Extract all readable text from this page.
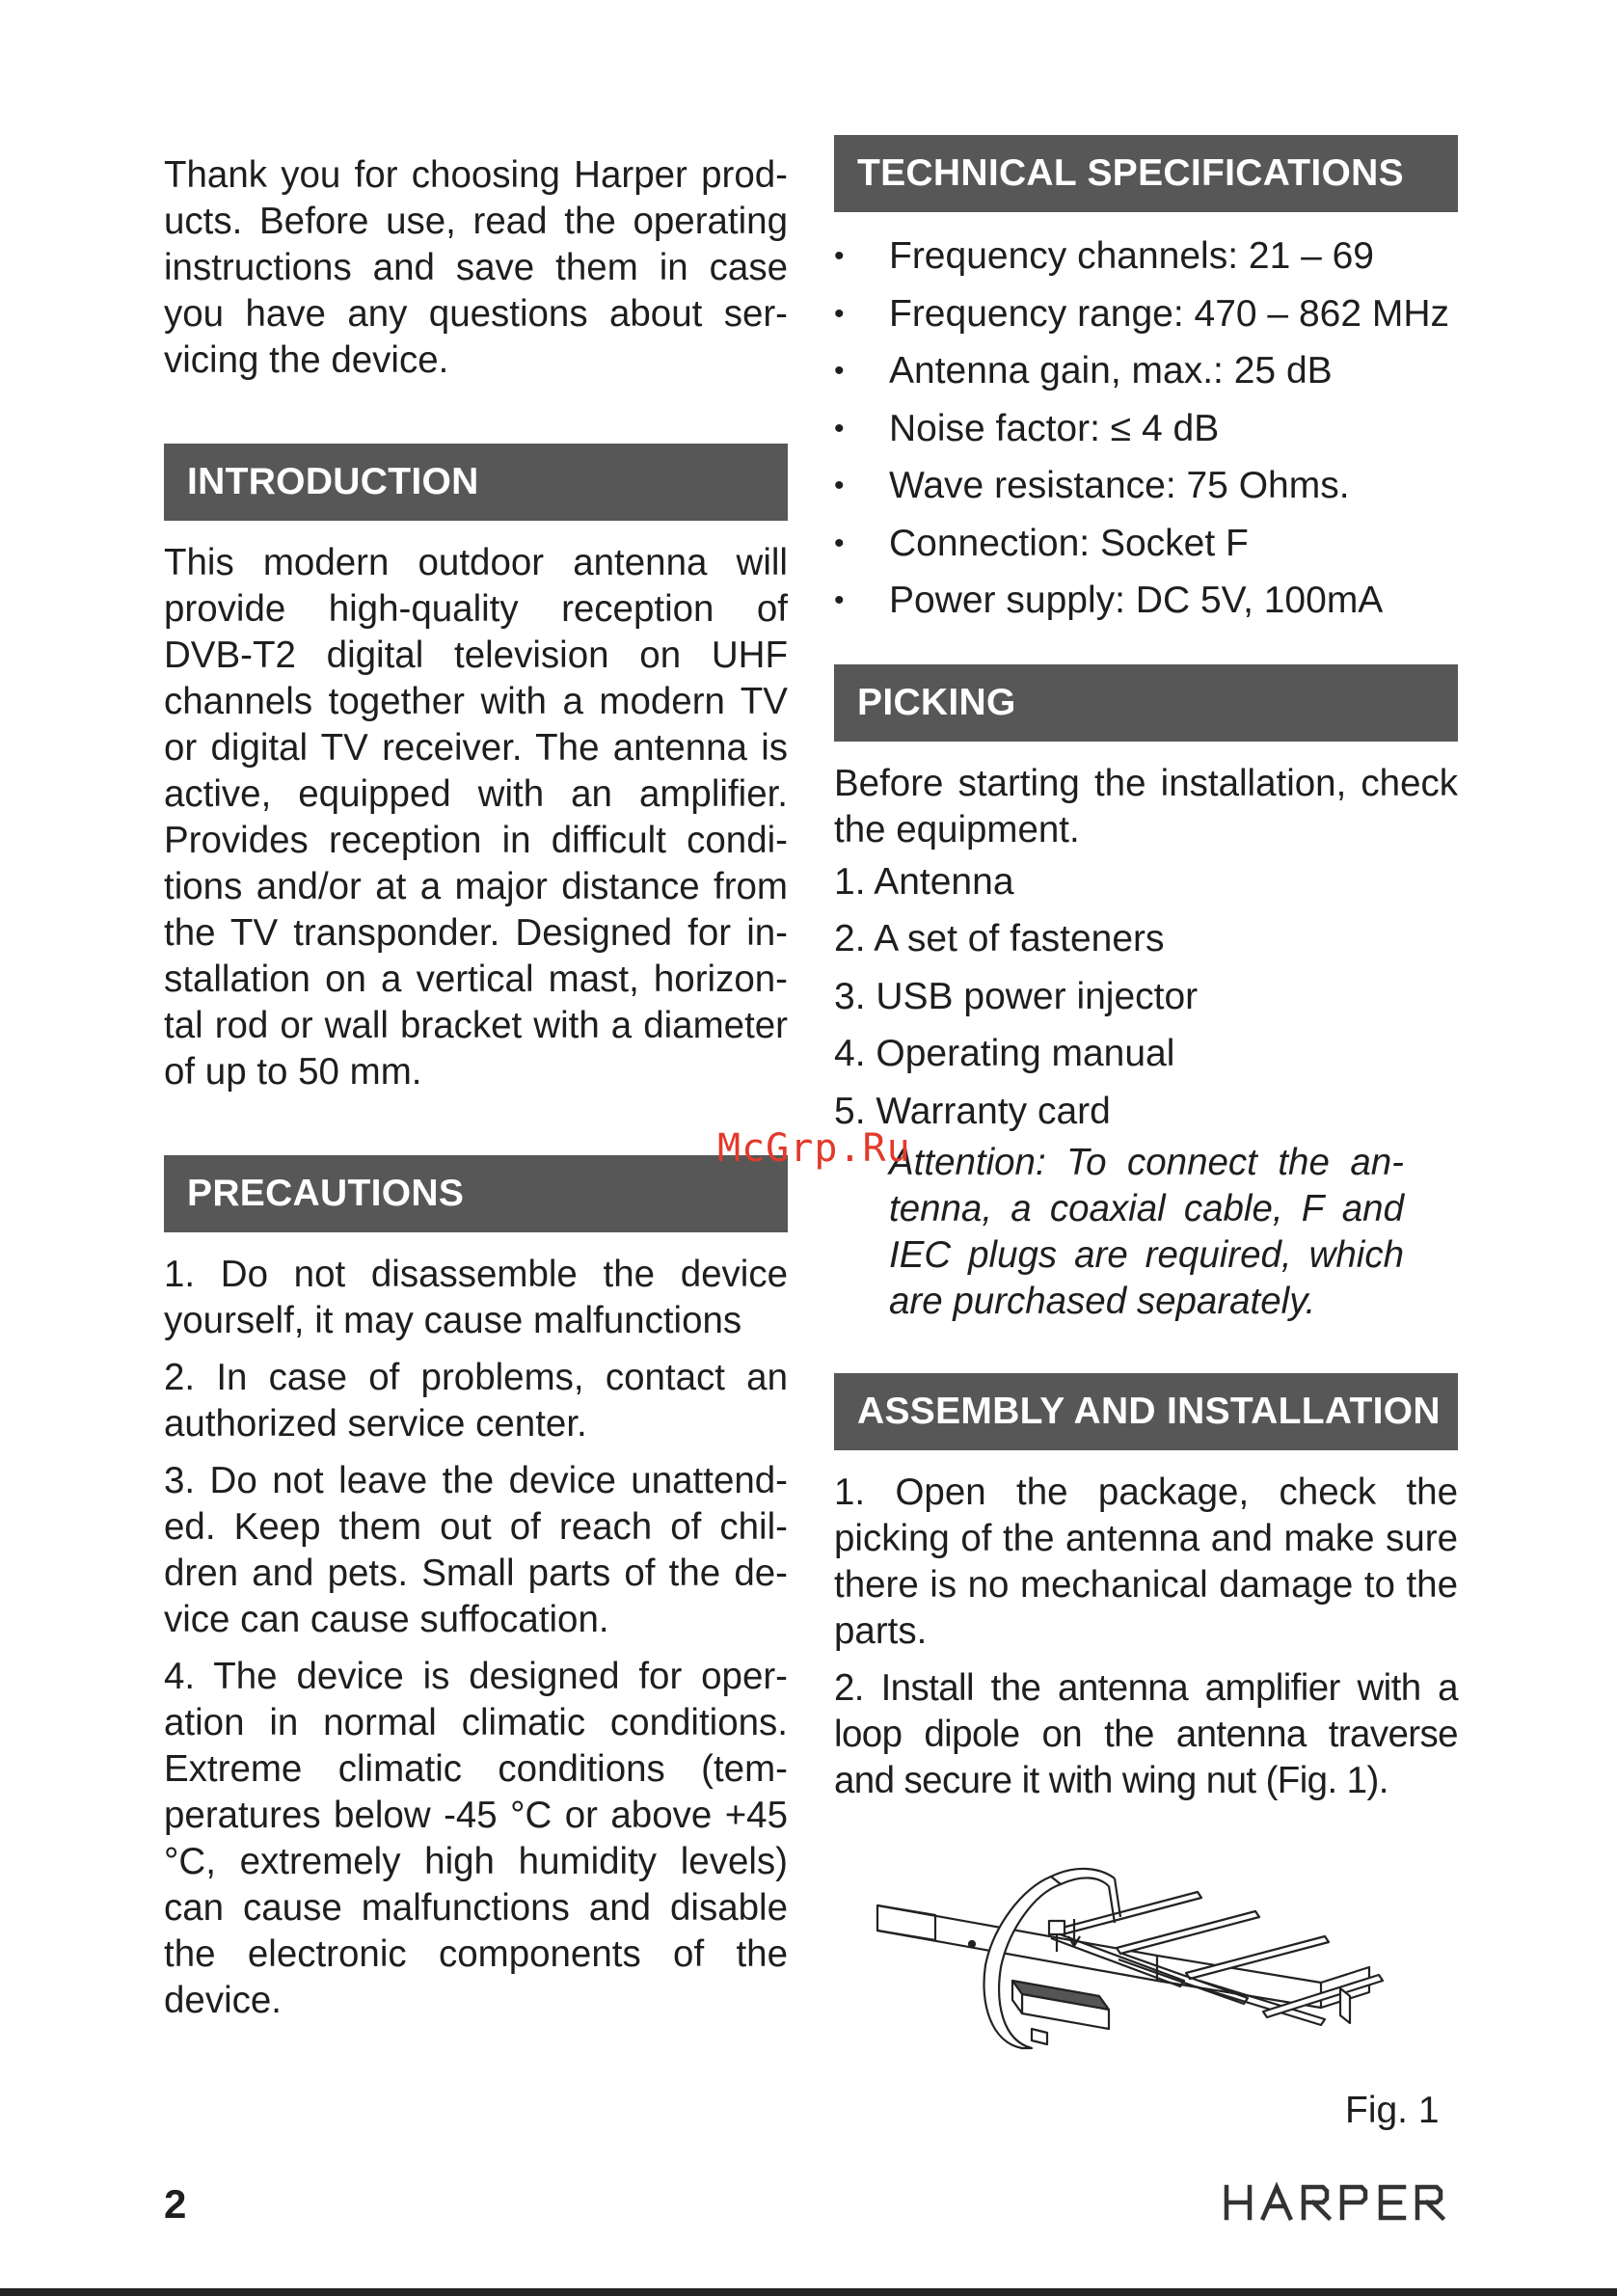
Thank you for choosing Harper prod-ucts. Before use, read the operating instructions and save them in case you have any questions about ser-vicing the device.

INTRODUCTION

This modern outdoor antenna will provide high-quality reception of DVB-T2 digital television on UHF channels together with a modern TV or digital TV receiver. The antenna is active, equipped with an amplifier. Provides reception in difficult condi-tions and/or at a major distance from the TV transponder. Designed for in-stallation on a vertical mast, horizon-tal rod or wall bracket with a diameter of up to 50 mm.

PRECAUTIONS

1. Do not disassemble the device yourself, it may cause malfunctions

2. In case of problems, contact an authorized service center.

3. Do not leave the device unattend-ed. Keep them out of reach of chil-dren and pets. Small parts of the de-vice can cause suffocation.

4. The device is designed for oper-ation in normal climatic conditions. Extreme climatic conditions (tem-peratures below -45 °C or above +45 °C, extremely high humidity levels) can cause malfunctions and disable the electronic components of the device.

TECHNICAL SPECIFICATIONS
• Frequency channels: 21 – 69
• Frequency range: 470 – 862 MHz
• Antenna gain, max.: 25 dB
• Noise factor: ≤ 4 dB
• Wave resistance: 75 Ohms.
• Connection: Socket F
• Power supply: DC 5V, 100mA
PICKING

Before starting the installation, check the equipment.

1. Antenna
2. A set of fasteners
3. USB power injector
4. Operating manual
5. Warranty card

Attention: To connect the an-tenna, a coaxial cable, F and IEC plugs are required, which are purchased separately.

ASSEMBLY AND INSTALLATION

1. Open the package, check the picking of the antenna and make sure there is no mechanical damage to the parts.

2. Install the antenna amplifier with a loop dipole on the antenna traverse and secure it with wing nut (Fig. 1).

McGrp.Ru
Fig. 1
2
